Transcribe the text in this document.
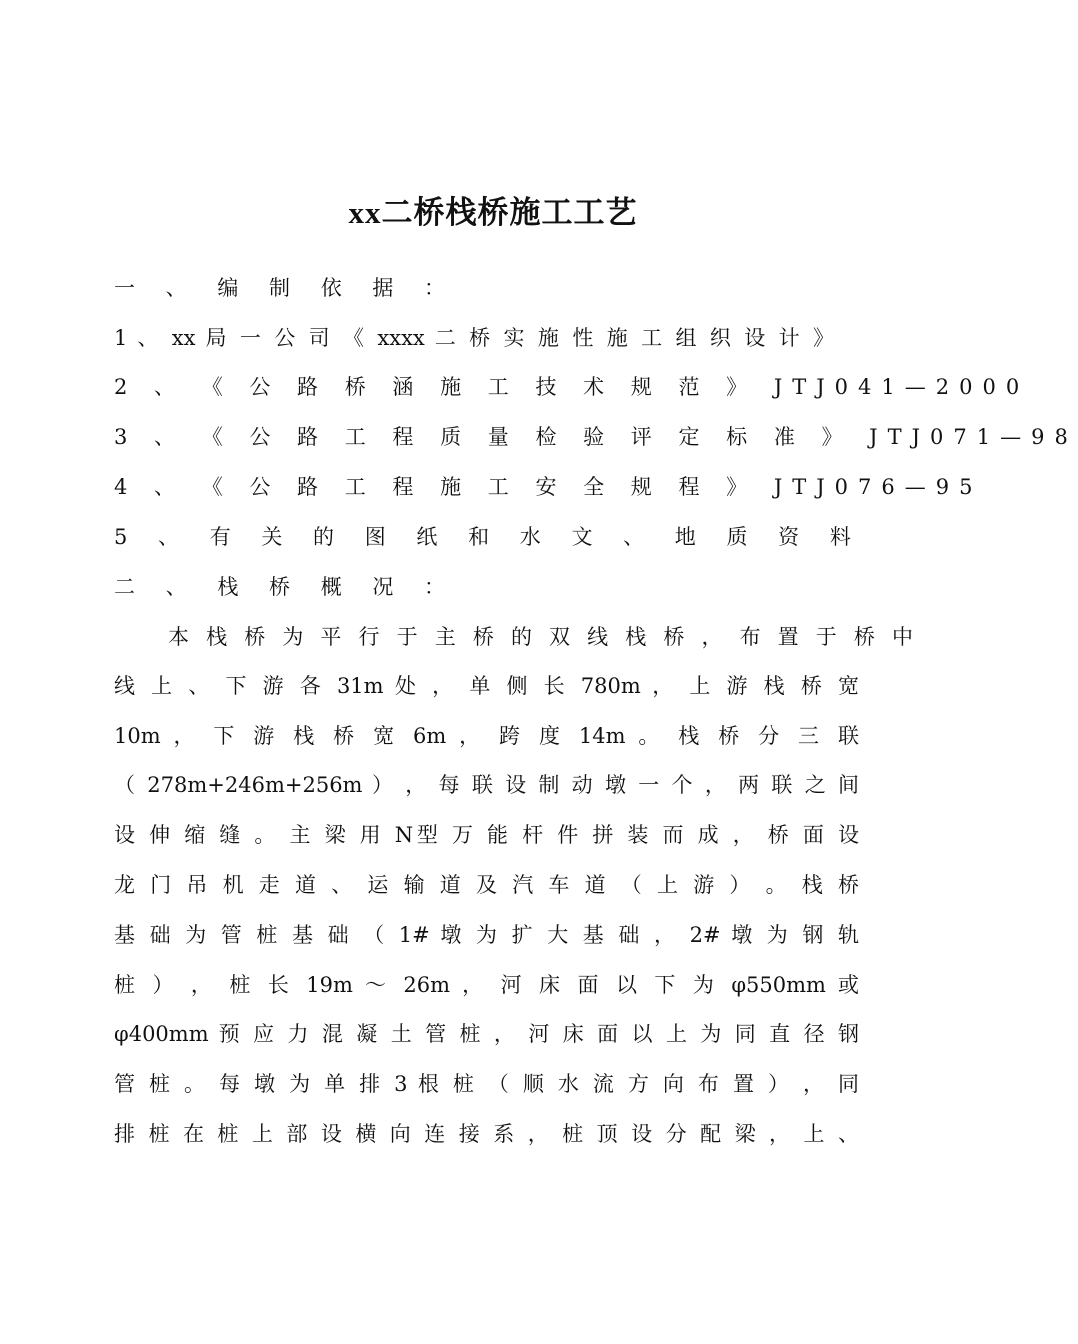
xx二桥栈桥施工工艺

一 、 编 制 依 据 ：

1 、 xx 局 一 公 司 《 xxxx 二 桥 实 施 性 施 工 组 织 设 计 》

2 、 《 公 路 桥 涵 施 工 技 术 规 范 》 JTJ041—2000

3 、 《 公 路 工 程 质 量 检 验 评 定 标 准 》 JTJ071—98

4 、 《 公 路 工 程 施 工 安 全 规 程 》 JTJ076—95

5 、 有 关 的 图 纸 和 水 文 、 地 质 资 料

二 、 栈 桥 概 况 ：

本 栈 桥 为 平 行 于 主 桥 的 双 线 栈 桥 ， 布 置 于 桥 中

线 上 、 下 游 各 31m 处 ， 单 侧 长 780m ， 上 游 栈 桥 宽

10m ， 下 游 栈 桥 宽 6m ， 跨 度 14m 。 栈 桥 分 三 联

（ 278m+246m+256m ） ， 每 联 设 制 动 墩 一 个 ， 两 联 之 间

设 伸 缩 缝 。 主 梁 用 N型 万 能 杆 件 拼 装 而 成 ， 桥 面 设

龙 门 吊 机 走 道 、 运 输 道 及 汽 车 道 （ 上 游 ） 。 栈 桥

基 础 为 管 桩 基 础 （ 1# 墩 为 扩 大 基 础 ， 2# 墩 为 钢 轨

桩 ） ， 桩 长 19m ～ 26m ， 河 床 面 以 下 为 φ550mm 或

φ400mm 预 应 力 混 凝 土 管 桩 ， 河 床 面 以 上 为 同 直 径 钢

管 桩 。 每 墩 为 单 排 3 根 桩 （ 顺 水 流 方 向 布 置 ） ， 同

排 桩 在 桩 上 部 设 横 向 连 接 系 ， 桩 顶 设 分 配 梁 ， 上 、
